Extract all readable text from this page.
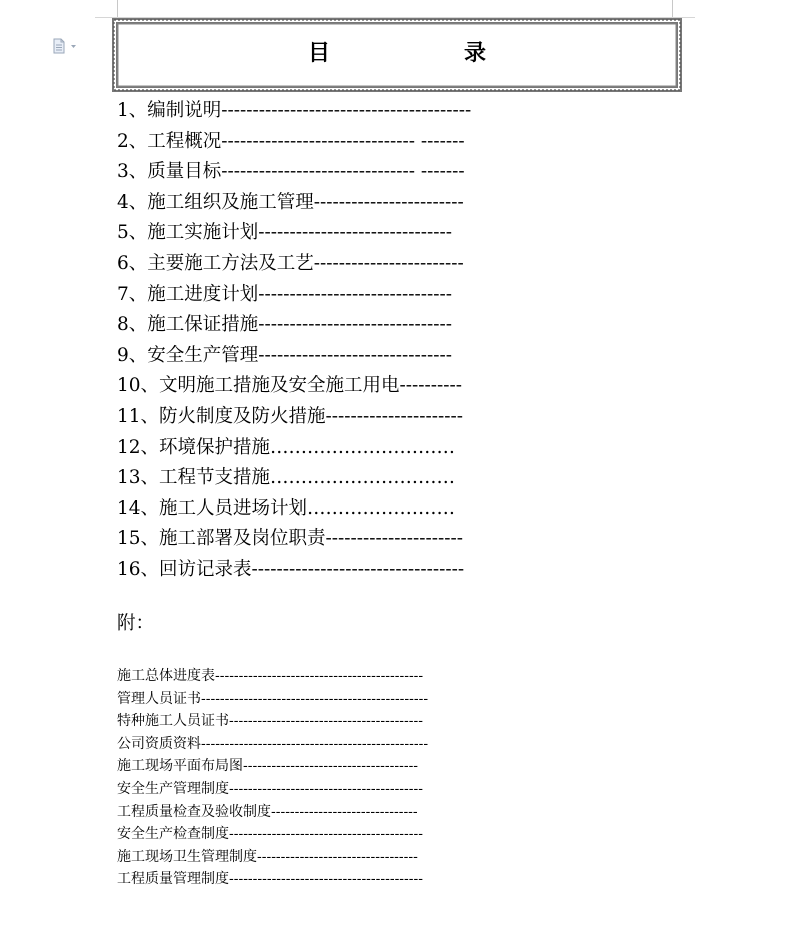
目　　录
1、编制说明----------------------------------------
2、工程概况------------------------------- -------
3、质量目标------------------------------- -------
4、施工组织及施工管理------------------------
5、施工实施计划-------------------------------
6、主要施工方法及工艺------------------------
7、施工进度计划-------------------------------
8、施工保证措施-------------------------------
9、安全生产管理-------------------------------
10、文明施工措施及安全施工用电----------
11、防火制度及防火措施----------------------
12、环境保护措施…………………………
13、工程节支措施…………………………
14、施工人员进场计划……………………
15、施工部署及岗位职责----------------------
16、回访记录表----------------------------------
附：
施工总体进度表--------------------------------------------
管理人员证书------------------------------------------------
特种施工人员证书-----------------------------------------
公司资质资料------------------------------------------------
施工现场平面布局图-------------------------------------
安全生产管理制度-----------------------------------------
工程质量检查及验收制度-------------------------------
安全生产检查制度-----------------------------------------
施工现场卫生管理制度----------------------------------
工程质量管理制度-----------------------------------------
